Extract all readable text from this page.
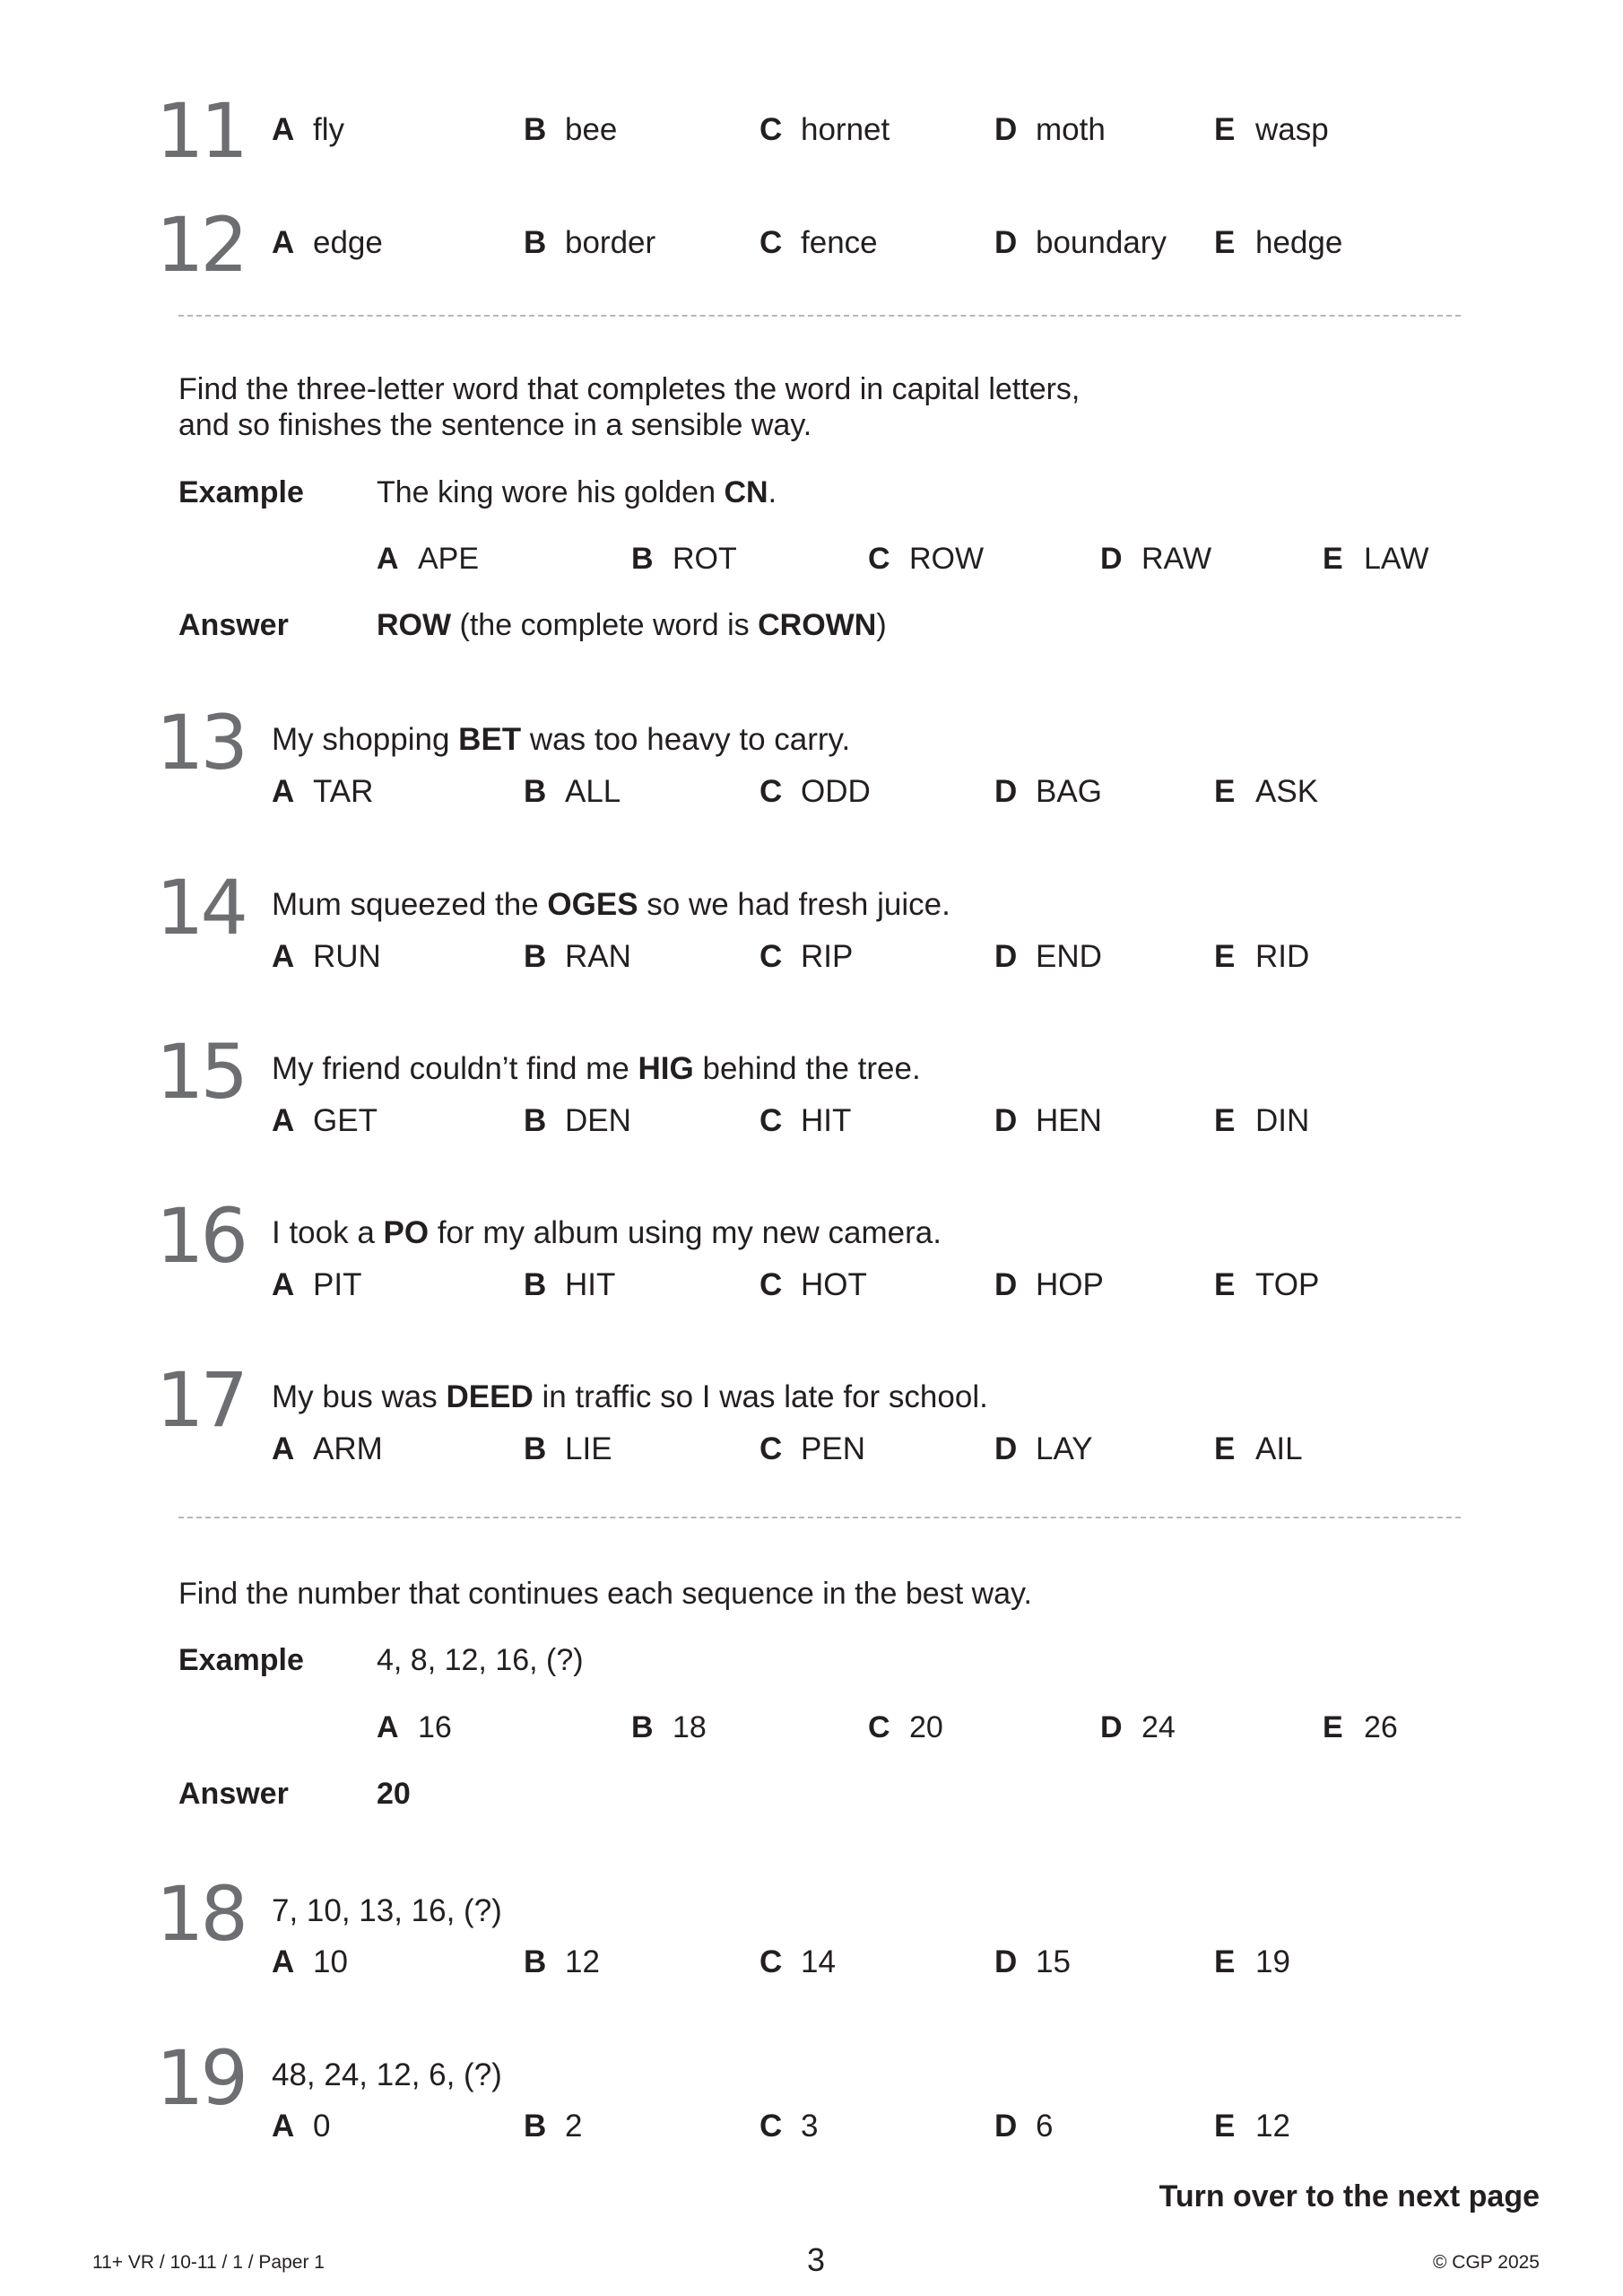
11 A fly	B bee	C hornet	D moth	E wasp
12 A edge	B border	C fence	D boundary E hedge
Find the three-letter word that completes the word in capital letters,
and so finishes the sentence in a sensible way.
Example The king wore his golden CN.
A APE	B ROT	C ROW	D RAW	E LAW
Answer	ROW (the complete word is CROWN)
13 My shopping BET was too heavy to carry.
A TAR	B ALL	C ODD	D BAG	E ASK
14 Mum squeezed the OGES so we had fresh juice.
A RUN	B RAN	C RIP	D END	E RID
15 My friend couldn’t find me HIG behind the tree.
A GET	B DEN	C HIT	D HEN	E DIN
16 I took a PO for my album using my new camera.
A PIT	B HIT	C HOT	D HOP	E TOP
17 My bus was DEED in traffic so I was late for school.
A ARM	B LIE	C PEN	D LAY	E AIL
Find the number that continues each sequence in the best way.
Example 4, 8, 12, 16, (?)
A 16	B 18	C 20	D 24	E 26
Answer	20
18 7, 10, 13, 16, (?)
A 10	B 12	C 14	D 15	E 19
19 48, 24, 12, 6, (?)
A 0	B 2	C 3	D 6	E 12
Turn over to the next page
11+ VR / 10-11 / 1 / Paper 1	3	© CGP 2025
